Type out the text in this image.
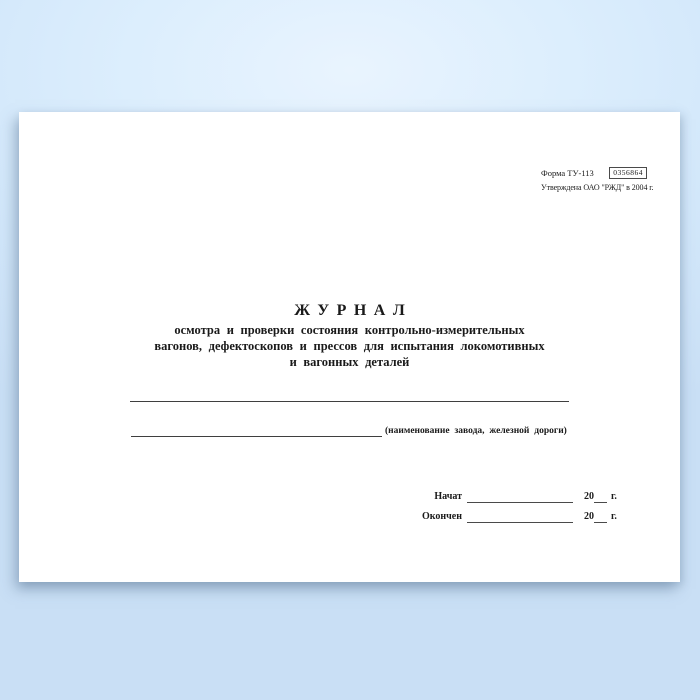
Форма ТУ-113	0356864
Утверждена ОАО "РЖД" в 2004 г.
ЖУРНАЛ
осмотра и проверки состояния контрольно-измерительных
вагонов, дефектоскопов и прессов для испытания локомотивных
и вагонных деталей
(наименование завода, железной дороги)
Начат	20 г.
Окончен	20 г.
